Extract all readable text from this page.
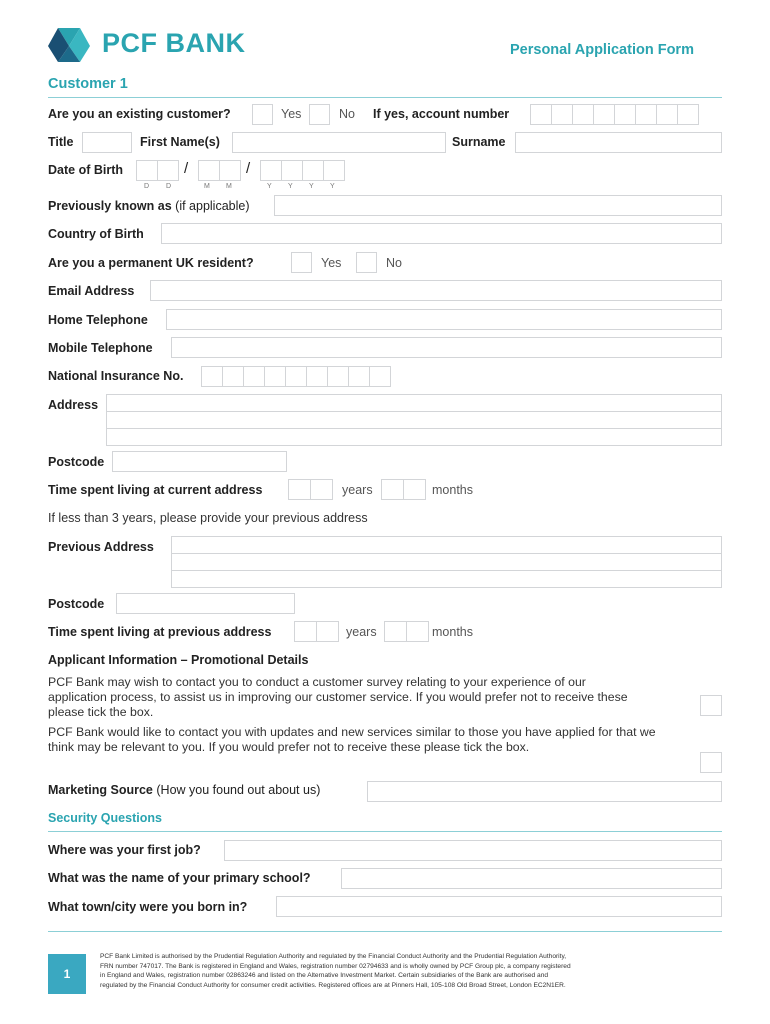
PCF BANK	Personal Application Form
Customer 1
Are you an existing customer?	Yes	No If yes, account number
Title	First Name(s)	Surname
Date of Birth	/	/
D D	M M	Y Y Y Y
Previously known as (if applicable)
Country of Birth
Are you a permanent UK resident?	Yes	No
Email Address
Home Telephone
Mobile Telephone
National Insurance No.
Address
Postcode
Time spent living at current address	years	months
If less than 3 years, please provide your previous address
Previous Address
Postcode
Time spent living at previous address	years	months
Applicant Information – Promotional Details
PCF Bank may wish to contact you to conduct a customer survey relating to your experience of our application process, to assist us in improving our customer service. If you would prefer not to receive these please tick the box.
PCF Bank would like to contact you with updates and new services similar to those you have applied for that we think may be relevant to you. If you would prefer not to receive these please tick the box.
Marketing Source (How you found out about us)
Security Questions
Where was your first job?
What was the name of your primary school?
What town/city were you born in?
1
PCF Bank Limited is authorised by the Prudential Regulation Authority and regulated by the Financial Conduct Authority and the Prudential Regulation Authority,
FRN number 747017. The Bank is registered in England and Wales, registration number 02794633 and is wholly owned by PCF Group plc, a company registered
in England and Wales, registration number 02863246 and listed on the Alternative Investment Market. Certain subsidiaries of the Bank are authorised and
regulated by the Financial Conduct Authority for consumer credit activities. Registered offices are at Pinners Hall, 105-108 Old Broad Street, London EC2N1ER.
